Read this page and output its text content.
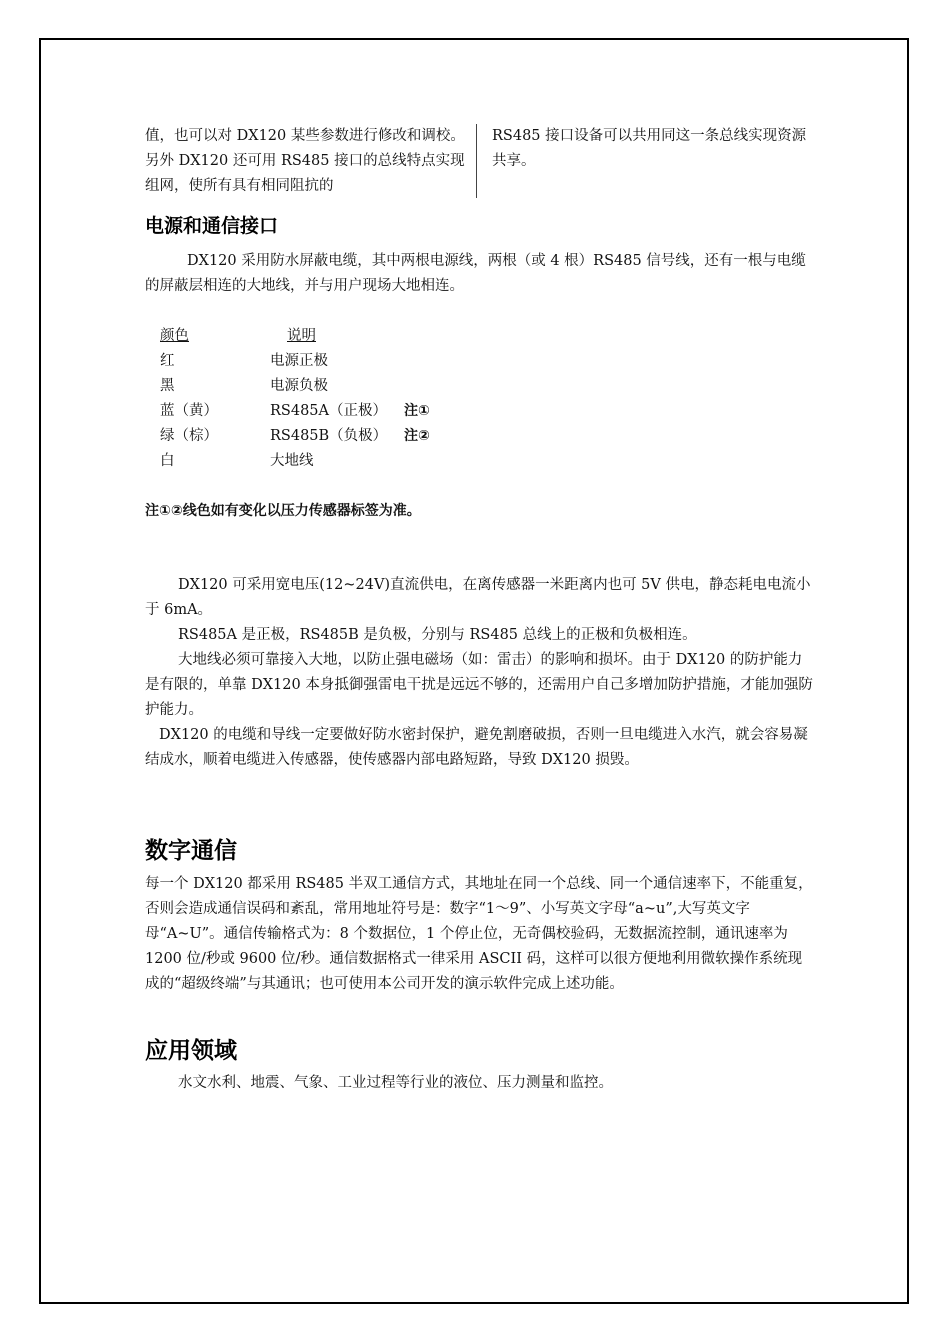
值，也可以对 DX120 某些参数进行修改和调校。另外 DX120 还可用 RS485 接口的总线特点实现组网，使所有具有相同阻抗的
RS485 接口设备可以共用同这一条总线实现资源共享。
电源和通信接口

DX120 采用防水屏蔽电缆，其中两根电源线，两根（或 4 根）RS485 信号线，还有一根与电缆的屏蔽层相连的大地线，并与用户现场大地相连。

颜色	说明
红	电源正极
黑	电源负极
蓝（黄）	RS485A（正极）	注①
绿（棕）	RS485B（负极）	注②
白	大地线

注①②线色如有变化以压力传感器标签为准。

DX120 可采用宽电压(12~24V)直流供电，在离传感器一米距离内也可 5V 供电，静态耗电电流小于 6mA。

RS485A 是正极，RS485B 是负极，分别与 RS485 总线上的正极和负极相连。

大地线必须可靠接入大地，以防止强电磁场（如：雷击）的影响和损坏。由于 DX120 的防护能力是有限的，单靠 DX120 本身抵御强雷电干扰是远远不够的，还需用户自己多增加防护措施，才能加强防护能力。

DX120 的电缆和导线一定要做好防水密封保护，避免割磨破损，否则一旦电缆进入水汽，就会容易凝结成水，顺着电缆进入传感器，使传感器内部电路短路，导致 DX120 损毁。

数字通信

每一个 DX120 都采用 RS485 半双工通信方式，其地址在同一个总线、同一个通信速率下，不能重复，否则会造成通信误码和紊乱，常用地址符号是：数字“1～9”、小写英文字母“a~u”,大写英文字母“A~U”。通信传输格式为：8 个数据位，1 个停止位，无奇偶校验码，无数据流控制，通讯速率为 1200 位/秒或 9600 位/秒。通信数据格式一律采用 ASCII 码，这样可以很方便地利用微软操作系统现成的“超级终端”与其通讯；也可使用本公司开发的演示软件完成上述功能。

应用领域

水文水利、地震、气象、工业过程等行业的液位、压力测量和监控。
